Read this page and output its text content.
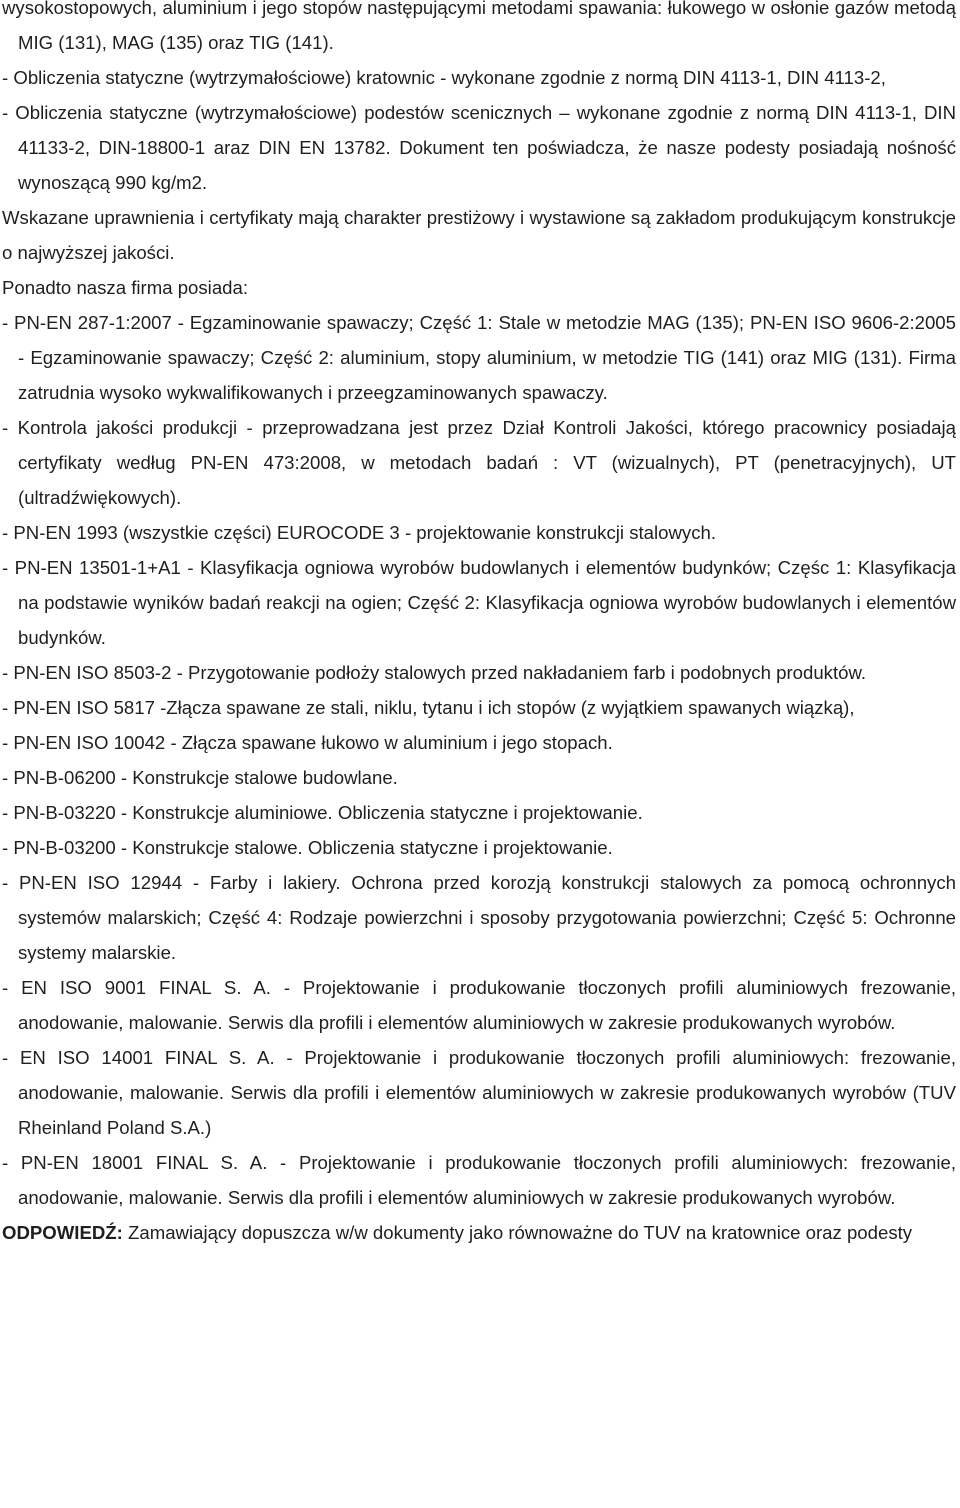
wysokostopowych, aluminium i jego stopów następującymi metodami spawania: łukowego w osłonie gazów metodą MIG (131), MAG (135) oraz TIG (141).

- Obliczenia statyczne (wytrzymałościowe) kratownic - wykonane zgodnie z normą DIN 4113-1, DIN 4113-2,

- Obliczenia statyczne (wytrzymałościowe) podestów scenicznych – wykonane zgodnie z normą DIN 4113-1, DIN 41133-2, DIN-18800-1 araz DIN EN 13782. Dokument ten poświadcza, że nasze podesty posiadają nośność wynoszącą 990 kg/m2.

Wskazane uprawnienia i certyfikaty mają charakter prestiżowy i wystawione są zakładom produkującym konstrukcje o najwyższej jakości.

Ponadto nasza firma posiada:

- PN-EN 287-1:2007 - Egzaminowanie spawaczy; Część 1: Stale w metodzie MAG (135); PN-EN ISO 9606-2:2005 - Egzaminowanie spawaczy; Część 2: aluminium, stopy aluminium, w metodzie TIG (141) oraz MIG (131). Firma zatrudnia wysoko wykwalifikowanych i przeegzaminowanych spawaczy.

- Kontrola jakości produkcji - przeprowadzana jest przez Dział Kontroli Jakości, którego pracownicy posiadają certyfikaty według PN-EN 473:2008, w metodach badań : VT (wizualnych), PT (penetracyjnych), UT (ultradźwiękowych).

- PN-EN 1993 (wszystkie części) EUROCODE 3 - projektowanie konstrukcji stalowych.

- PN-EN 13501-1+A1 - Klasyfikacja ogniowa wyrobów budowlanych i elementów budynków; Częśc 1: Klasyfikacja na podstawie wyników badań reakcji na ogien; Część 2: Klasyfikacja ogniowa wyrobów budowlanych i elementów budynków.

- PN-EN ISO 8503-2 - Przygotowanie podłoży stalowych przed nakładaniem farb i podobnych produktów.

- PN-EN ISO 5817 -Złącza spawane ze stali, niklu, tytanu i ich stopów (z wyjątkiem spawanych wiązką),

- PN-EN ISO 10042 - Złącza spawane łukowo w aluminium i jego stopach.

- PN-B-06200 - Konstrukcje stalowe budowlane.

- PN-B-03220 - Konstrukcje aluminiowe. Obliczenia statyczne i projektowanie.

- PN-B-03200 - Konstrukcje stalowe. Obliczenia statyczne i projektowanie.

- PN-EN ISO 12944 - Farby i lakiery. Ochrona przed korozją konstrukcji stalowych za pomocą ochronnych systemów malarskich; Część 4: Rodzaje powierzchni i sposoby przygotowania powierzchni; Część 5: Ochronne systemy malarskie.

- EN ISO 9001 FINAL S. A. - Projektowanie i produkowanie tłoczonych profili aluminiowych frezowanie, anodowanie, malowanie. Serwis dla profili i elementów aluminiowych w zakresie produkowanych wyrobów.

- EN ISO 14001 FINAL S. A. - Projektowanie i produkowanie tłoczonych profili aluminiowych: frezowanie, anodowanie, malowanie. Serwis dla profili i elementów aluminiowych w zakresie produkowanych wyrobów (TUV Rheinland Poland S.A.)

- PN-EN 18001 FINAL S. A. - Projektowanie i produkowanie tłoczonych profili aluminiowych: frezowanie, anodowanie, malowanie. Serwis dla profili i elementów aluminiowych w zakresie produkowanych wyrobów.

ODPOWIEDŹ: Zamawiający dopuszcza w/w dokumenty jako równoważne do TUV na kratownice oraz podesty
